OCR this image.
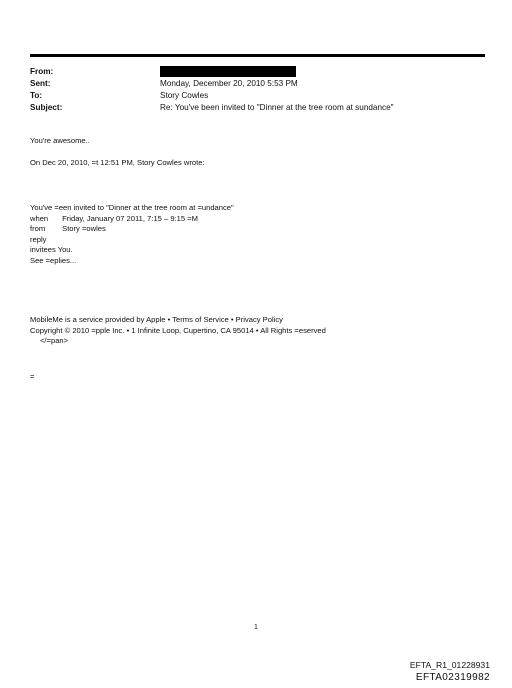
From:
Sent:	Monday, December 20, 2010 5:53 PM
To:	Story Cowles
Subject:	Re: You've been invited to "Dinner at the tree room at sundance"
You're awesome..
On Dec 20, 2010, =t 12:51 PM, Story Cowles wrote:
You've =een invited to "Dinner at the tree room at =undance"
when Friday, January 07 2011, 7:15 – 9:15 =M
from Story =owles
reply
invitees You.
See =eplies...
MobileMe is a service provided by Apple • Terms of Service • Privacy Policy
Copyright © 2010 =pple Inc. • 1 Infinite Loop, Cupertino, CA 95014 • All Rights =eserved
</=pan>
=
1
EFTA_R1_01228931
EFTA02319982
